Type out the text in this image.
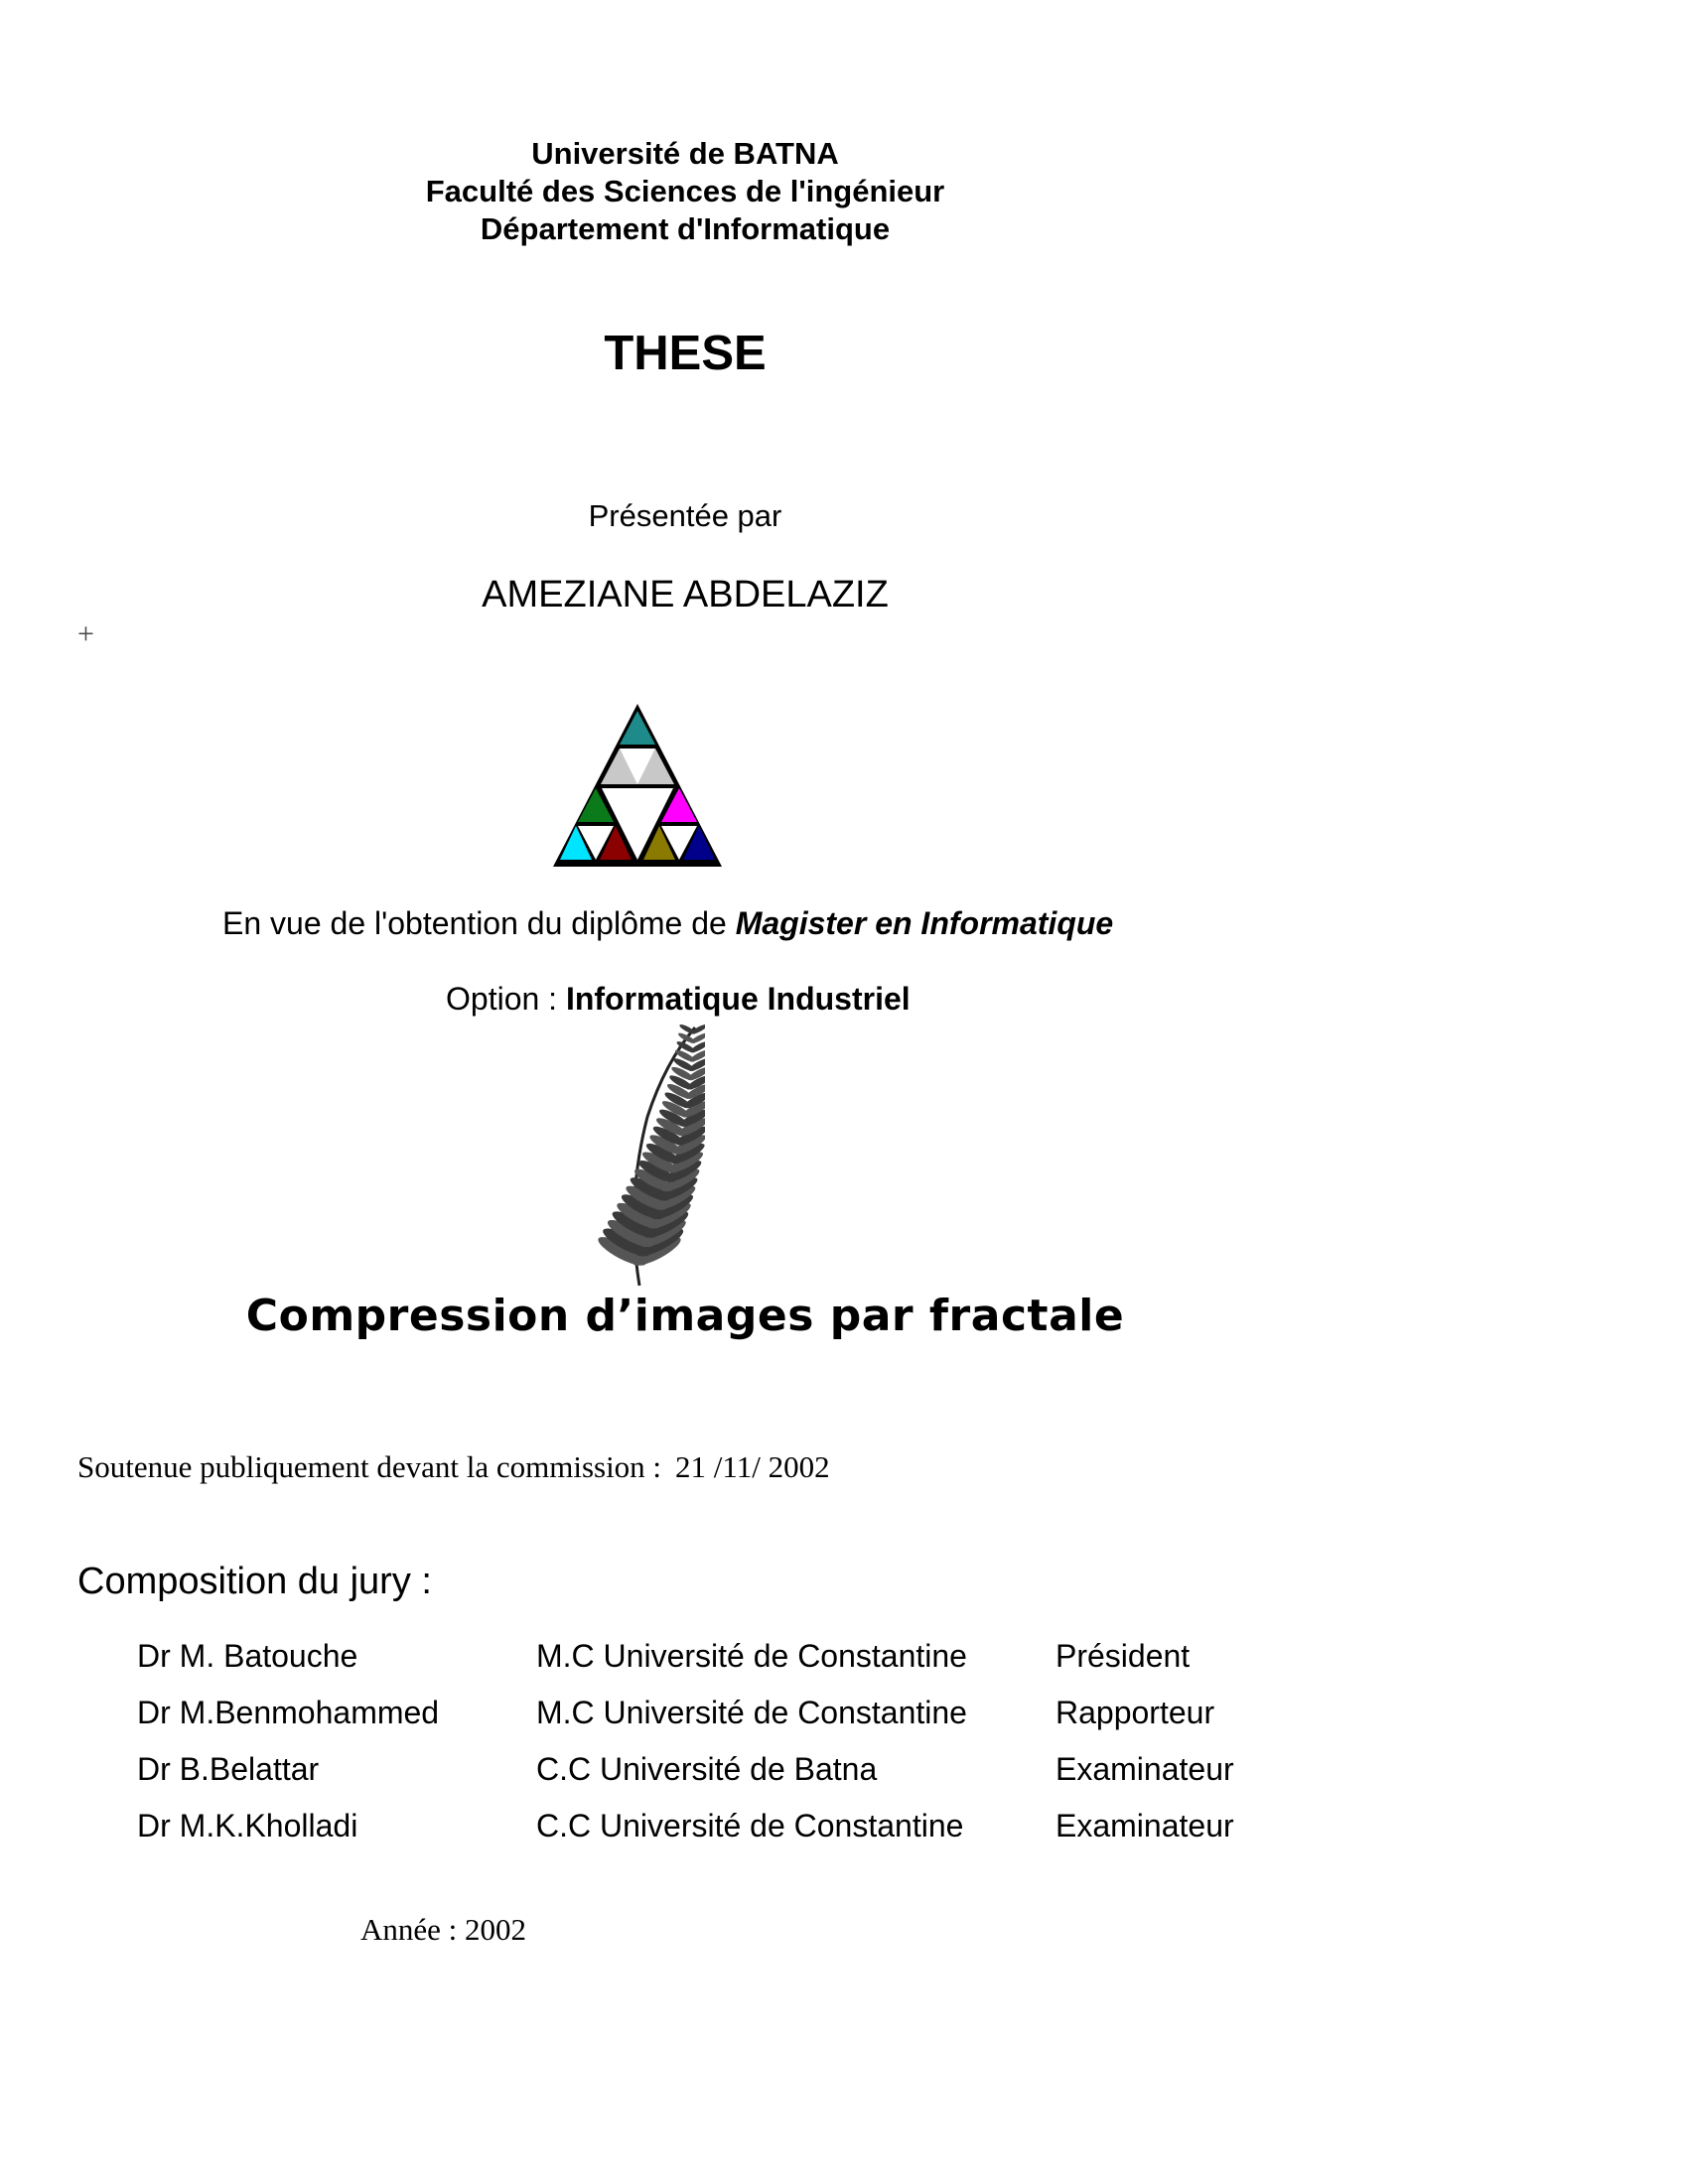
Université de BATNA
Faculté des Sciences de l'ingénieur
Département d'Informatique
THESE
Présentée par
AMEZIANE ABDELAZIZ
+
En vue de l'obtention du diplôme de Magister en Informatique
Option : Informatique Industriel
Compression d’images par fractale
Soutenue publiquement devant la commission : 21 /11/ 2002
Composition du jury :
Dr M. Batouche	M.C Université de Constantine	Président
Dr M.Benmohammed	M.C Université de Constantine	Rapporteur
Dr B.Belattar	C.C Université de Batna	Examinateur
Dr M.K.Kholladi	C.C Université de Constantine	Examinateur
Année : 2002
